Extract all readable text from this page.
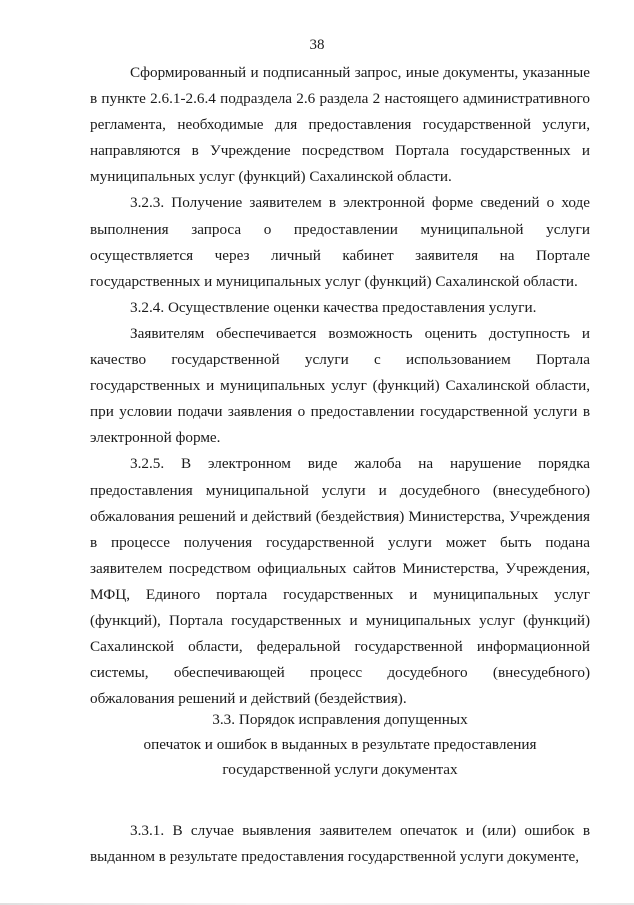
38

Сформированный и подписанный запрос, иные документы, указанные в пункте 2.6.1-2.6.4 подраздела 2.6 раздела 2 настоящего административного регламента, необходимые для предоставления государственной услуги, направляются в Учреждение посредством Портала государственных и муниципальных услуг (функций) Сахалинской области.

3.2.3. Получение заявителем в электронной форме сведений о ходе выполнения запроса о предоставлении муниципальной услуги осуществляется через личный кабинет заявителя на Портале государственных и муниципальных услуг (функций) Сахалинской области.

3.2.4. Осуществление оценки качества предоставления услуги.

Заявителям обеспечивается возможность оценить доступность и качество государственной услуги с использованием Портала государственных и муниципальных услуг (функций) Сахалинской области, при условии подачи заявления о предоставлении государственной услуги в электронной форме.

3.2.5. В электронном виде жалоба на нарушение порядка предоставления муниципальной услуги и досудебного (внесудебного) обжалования решений и действий (бездействия) Министерства, Учреждения в процессе получения государственной услуги может быть подана заявителем посредством официальных сайтов Министерства, Учреждения, МФЦ, Единого портала государственных и муниципальных услуг (функций), Портала государственных и муниципальных услуг (функций) Сахалинской области, федеральной государственной информационной системы, обеспечивающей процесс досудебного (внесудебного) обжалования решений и действий (бездействия).

3.3. Порядок исправления допущенных
опечаток и ошибок в выданных в результате предоставления
государственной услуги документах

3.3.1. В случае выявления заявителем опечаток и (или) ошибок в выданном в результате предоставления государственной услуги документе,
